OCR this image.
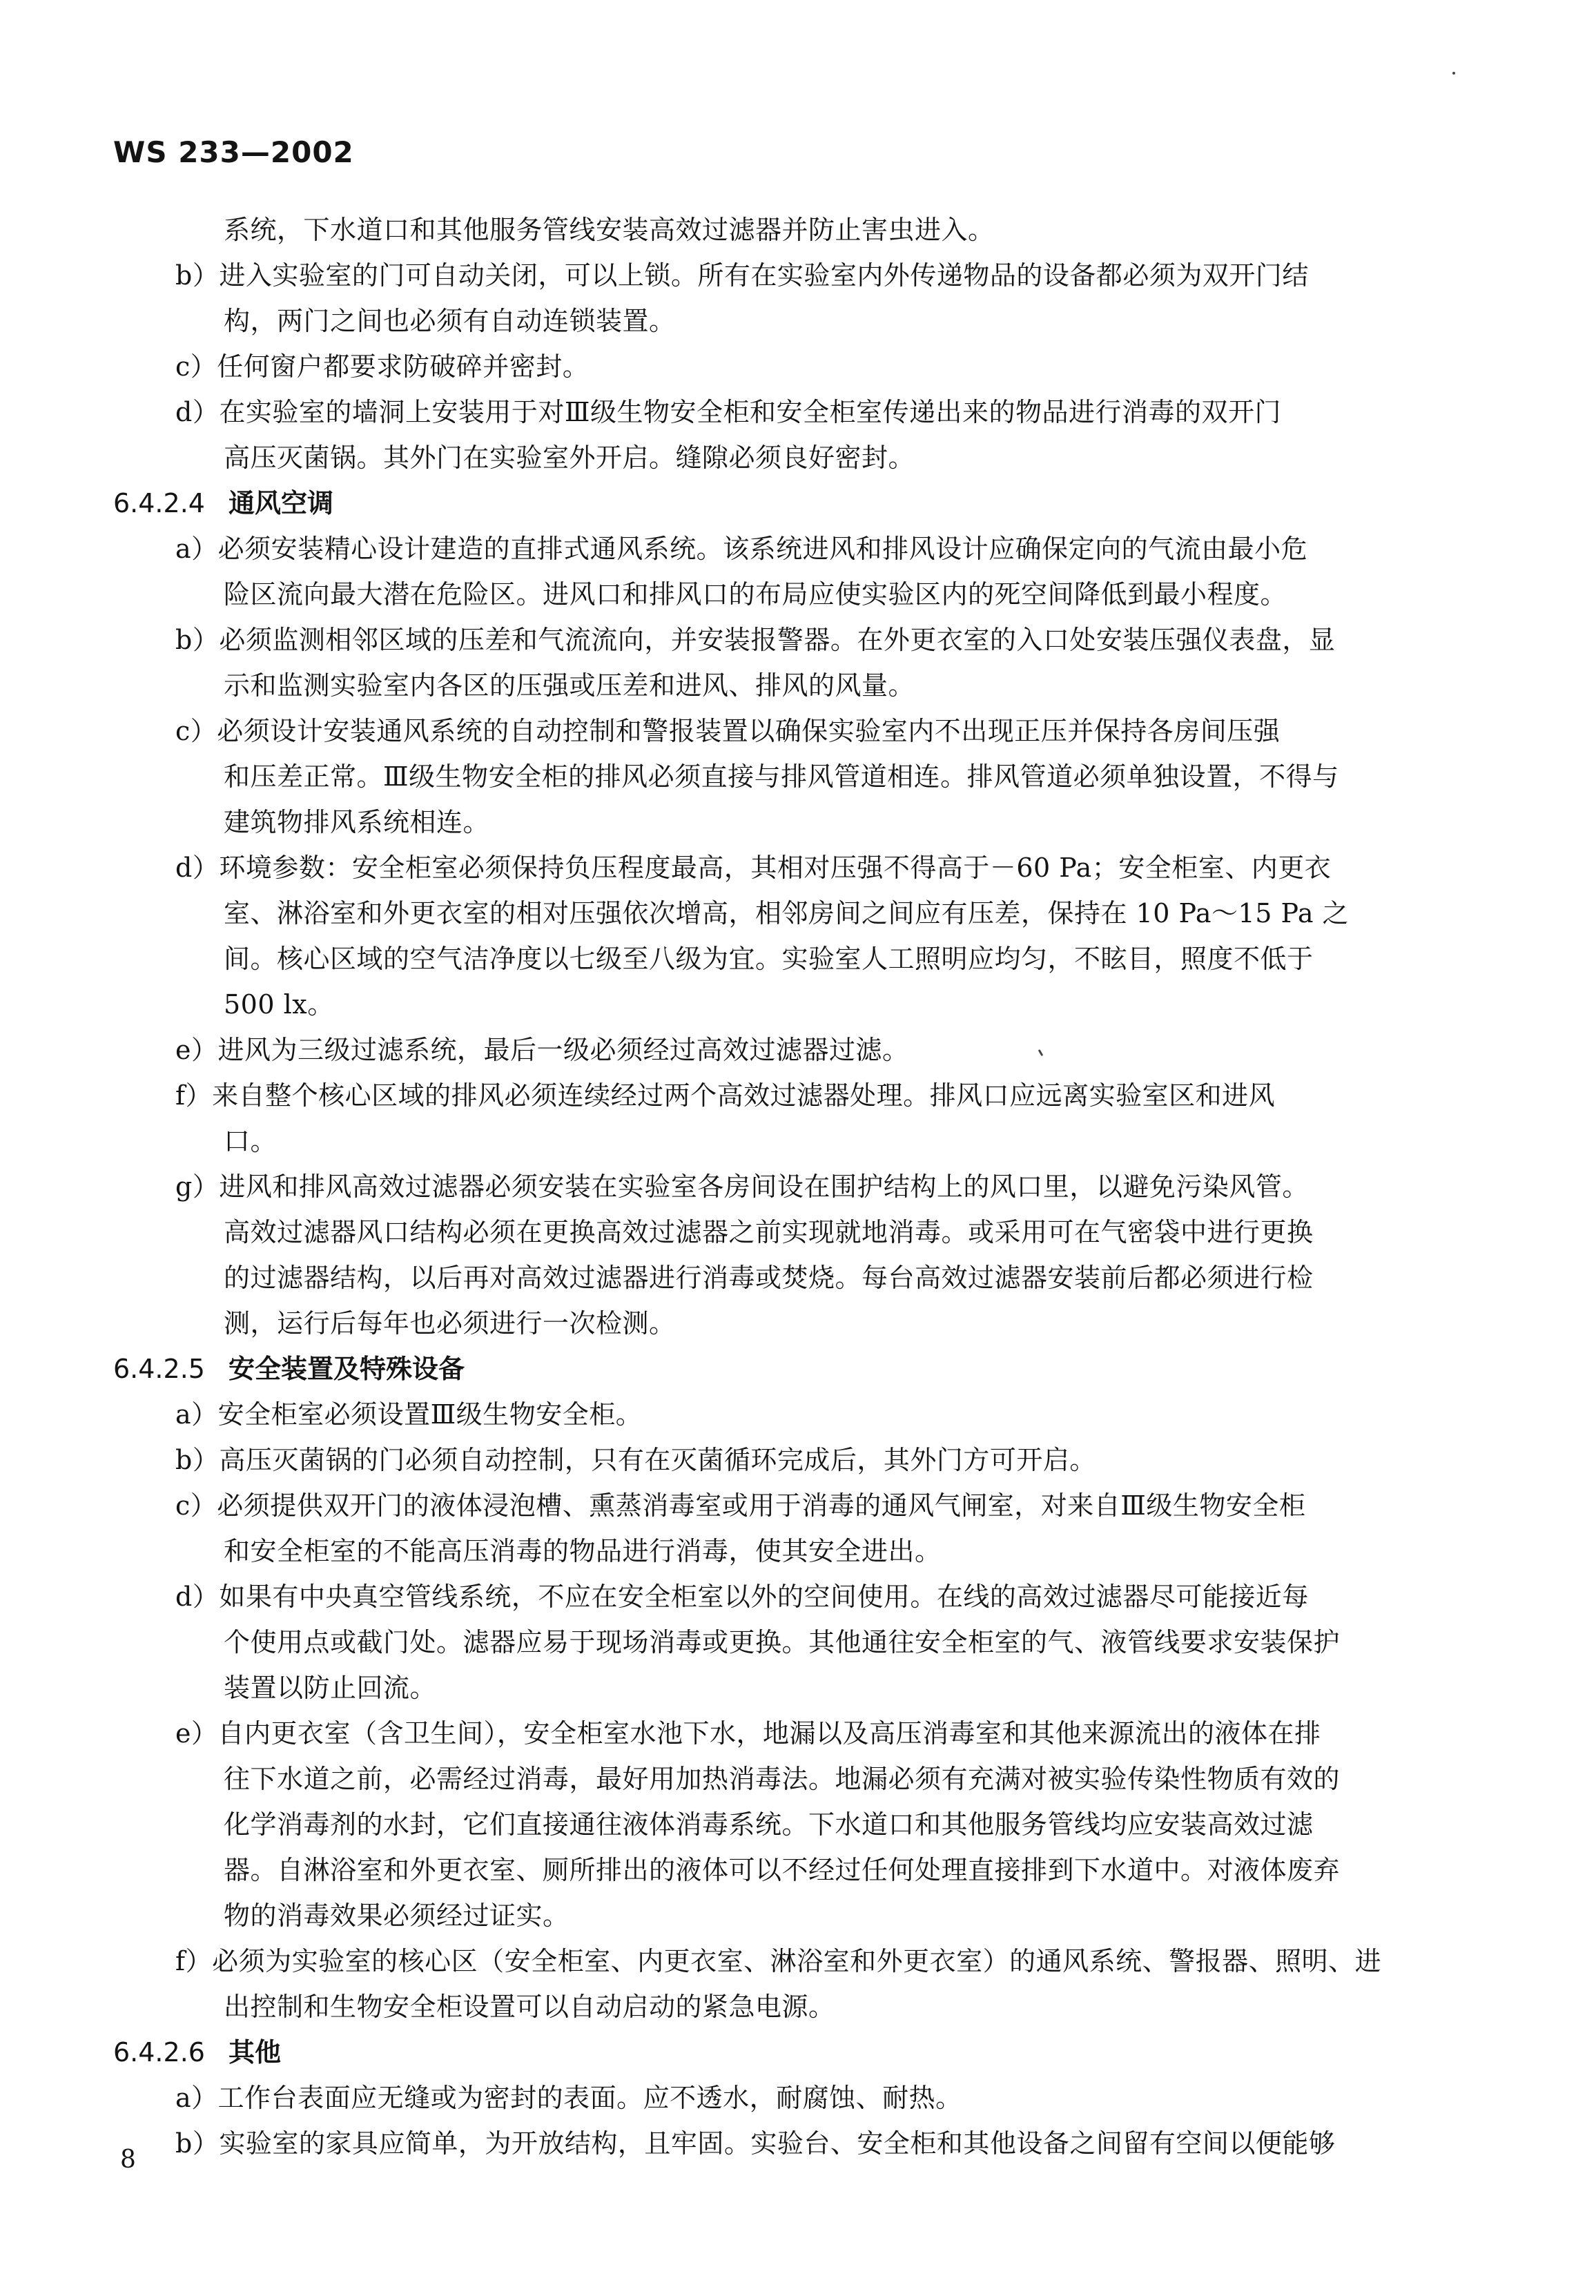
WS 233—2002

系统，下水道口和其他服务管线安装高效过滤器并防止害虫进入。
b）进入实验室的门可自动关闭，可以上锁。所有在实验室内外传递物品的设备都必须为双开门结
构，两门之间也必须有自动连锁装置。
c）任何窗户都要求防破碎并密封。
d）在实验室的墙洞上安装用于对Ⅲ级生物安全柜和安全柜室传递出来的物品进行消毒的双开门
高压灭菌锅。其外门在实验室外开启。缝隙必须良好密封。
6.4.2.4 通风空调
a）必须安装精心设计建造的直排式通风系统。该系统进风和排风设计应确保定向的气流由最小危
险区流向最大潜在危险区。进风口和排风口的布局应使实验区内的死空间降低到最小程度。
b）必须监测相邻区域的压差和气流流向，并安装报警器。在外更衣室的入口处安装压强仪表盘，显
示和监测实验室内各区的压强或压差和进风、排风的风量。
c）必须设计安装通风系统的自动控制和警报装置以确保实验室内不出现正压并保持各房间压强
和压差正常。Ⅲ级生物安全柜的排风必须直接与排风管道相连。排风管道必须单独设置，不得与
建筑物排风系统相连。
d）环境参数：安全柜室必须保持负压程度最高，其相对压强不得高于－60 Pa；安全柜室、内更衣
室、淋浴室和外更衣室的相对压强依次增高，相邻房间之间应有压差，保持在 10 Pa～15 Pa 之
间。核心区域的空气洁净度以七级至八级为宜。实验室人工照明应均匀，不眩目，照度不低于
500 lx。
e）进风为三级过滤系统，最后一级必须经过高效过滤器过滤。
f）来自整个核心区域的排风必须连续经过两个高效过滤器处理。排风口应远离实验室区和进风
口。
g）进风和排风高效过滤器必须安装在实验室各房间设在围护结构上的风口里，以避免污染风管。
高效过滤器风口结构必须在更换高效过滤器之前实现就地消毒。或采用可在气密袋中进行更换
的过滤器结构，以后再对高效过滤器进行消毒或焚烧。每台高效过滤器安装前后都必须进行检
测，运行后每年也必须进行一次检测。
6.4.2.5 安全装置及特殊设备
a）安全柜室必须设置Ⅲ级生物安全柜。
b）高压灭菌锅的门必须自动控制，只有在灭菌循环完成后，其外门方可开启。
c）必须提供双开门的液体浸泡槽、熏蒸消毒室或用于消毒的通风气闸室，对来自Ⅲ级生物安全柜
和安全柜室的不能高压消毒的物品进行消毒，使其安全进出。
d）如果有中央真空管线系统，不应在安全柜室以外的空间使用。在线的高效过滤器尽可能接近每
个使用点或截门处。滤器应易于现场消毒或更换。其他通往安全柜室的气、液管线要求安装保护
装置以防止回流。
e）自内更衣室（含卫生间），安全柜室水池下水，地漏以及高压消毒室和其他来源流出的液体在排
往下水道之前，必需经过消毒，最好用加热消毒法。地漏必须有充满对被实验传染性物质有效的
化学消毒剂的水封，它们直接通往液体消毒系统。下水道口和其他服务管线均应安装高效过滤
器。自淋浴室和外更衣室、厕所排出的液体可以不经过任何处理直接排到下水道中。对液体废弃
物的消毒效果必须经过证实。
f）必须为实验室的核心区（安全柜室、内更衣室、淋浴室和外更衣室）的通风系统、警报器、照明、进
出控制和生物安全柜设置可以自动启动的紧急电源。
6.4.2.6 其他
a）工作台表面应无缝或为密封的表面。应不透水，耐腐蚀、耐热。
b）实验室的家具应简单，为开放结构，且牢固。实验台、安全柜和其他设备之间留有空间以便能够

8
